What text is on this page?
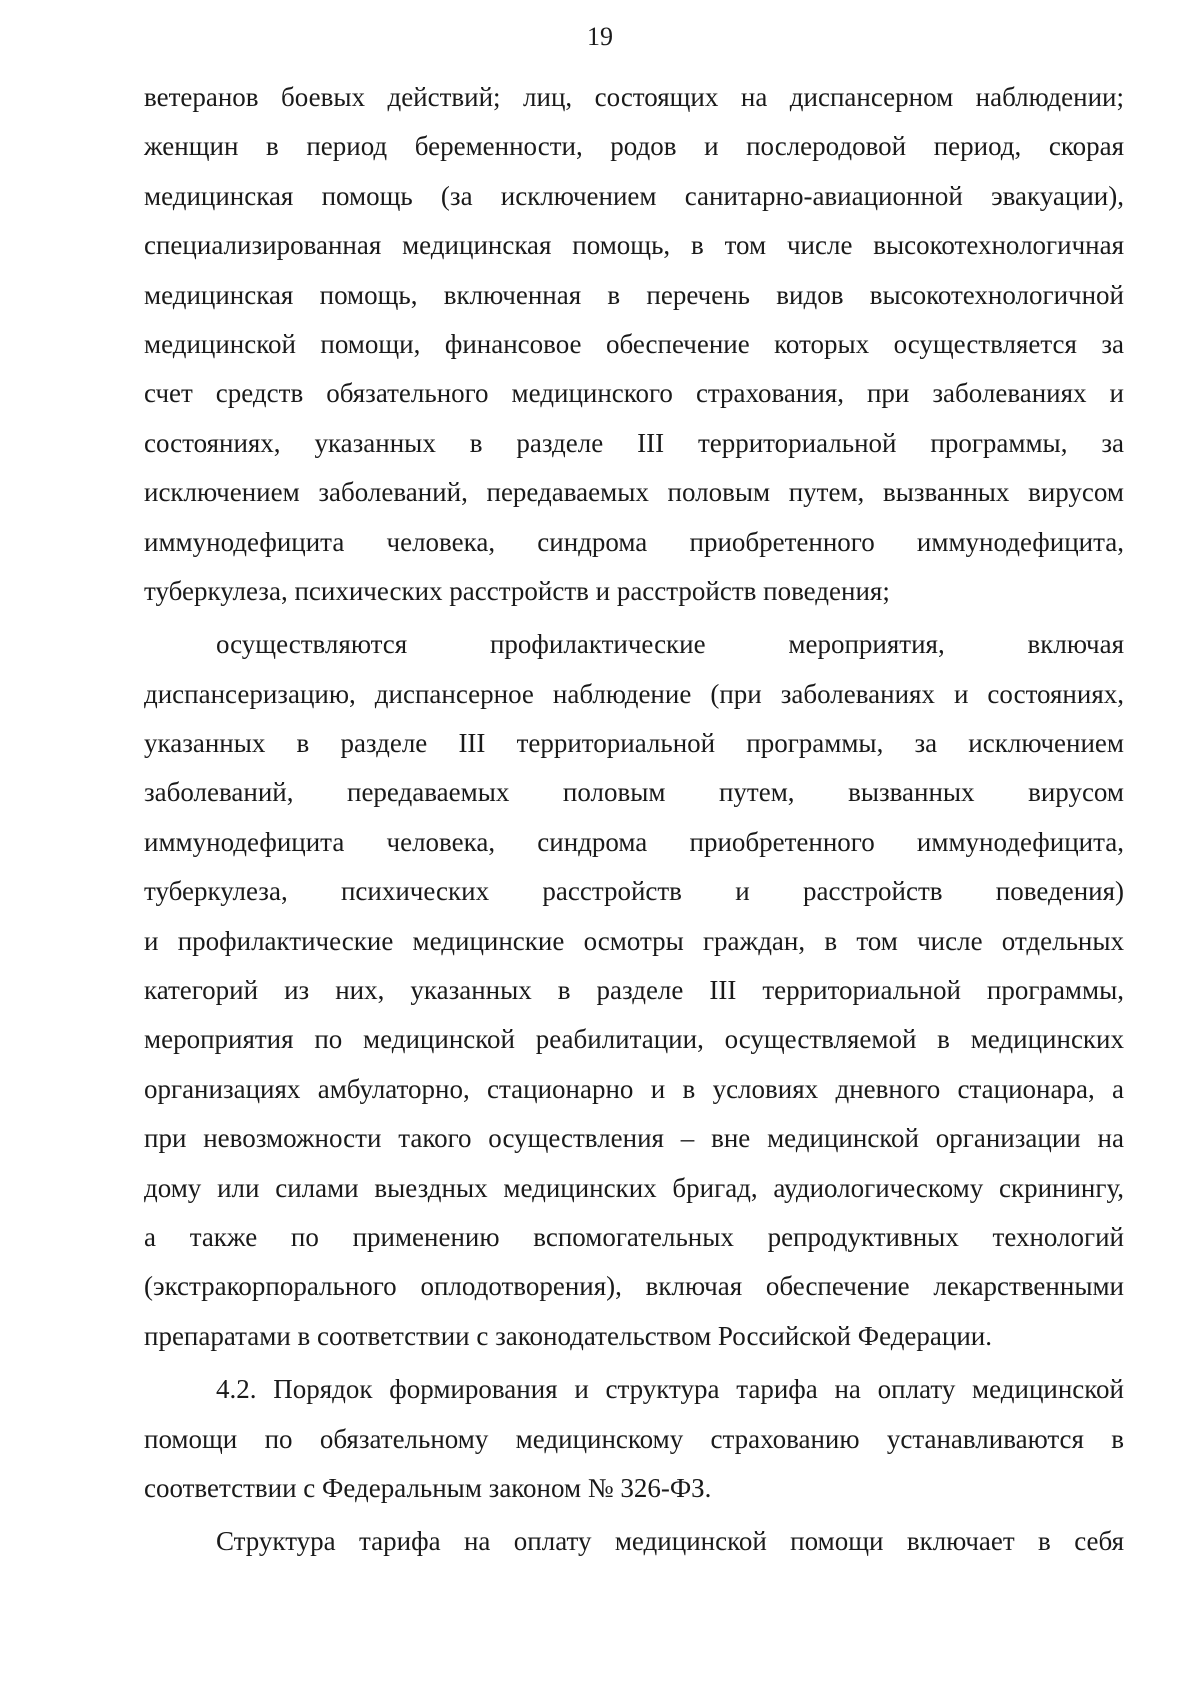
19
ветеранов боевых действий; лиц, состоящих на диспансерном наблюдении;
женщин в период беременности, родов и послеродовой период, скорая
медицинская помощь (за исключением санитарно-авиационной эвакуации),
специализированная медицинская помощь, в том числе высокотехнологичная
медицинская помощь, включенная в перечень видов высокотехнологичной
медицинской помощи, финансовое обеспечение которых осуществляется за
счет средств обязательного медицинского страхования, при заболеваниях и
состояниях, указанных в разделе III территориальной программы, за
исключением заболеваний, передаваемых половым путем, вызванных вирусом
иммунодефицита человека, синдрома приобретенного иммунодефицита,
туберкулеза, психических расстройств и расстройств поведения;
осуществляются профилактические мероприятия, включая
диспансеризацию, диспансерное наблюдение (при заболеваниях и состояниях,
указанных в разделе III территориальной программы, за исключением
заболеваний, передаваемых половым путем, вызванных вирусом
иммунодефицита человека, синдрома приобретенного иммунодефицита,
туберкулеза, психических расстройств и расстройств поведения)
и профилактические медицинские осмотры граждан, в том числе отдельных
категорий из них, указанных в разделе III территориальной программы,
мероприятия по медицинской реабилитации, осуществляемой в медицинских
организациях амбулаторно, стационарно и в условиях дневного стационара, а
при невозможности такого осуществления – вне медицинской организации на
дому или силами выездных медицинских бригад, аудиологическому скринингу,
а также по применению вспомогательных репродуктивных технологий
(экстракорпорального оплодотворения), включая обеспечение лекарственными
препаратами в соответствии с законодательством Российской Федерации.
4.2. Порядок формирования и структура тарифа на оплату медицинской
помощи по обязательному медицинскому страхованию устанавливаются в
соответствии с Федеральным законом № 326-ФЗ.
Структура тарифа на оплату медицинской помощи включает в себя
